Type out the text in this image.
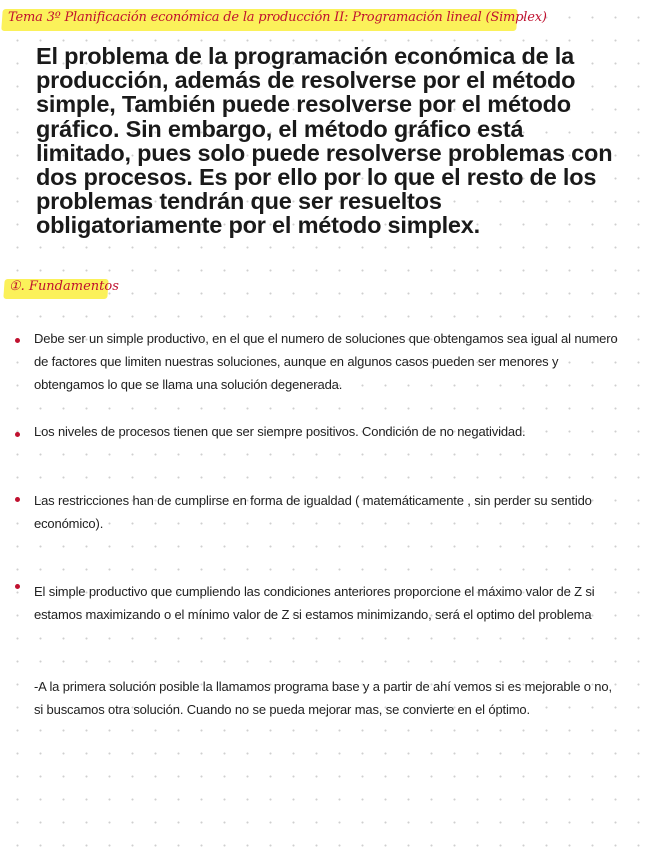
Tema 3º Planificación económica de la producción II: Programación lineal (Simplex)

El problema de la programación económica de la producción, además de resolverse por el método simple, También puede resolverse por el método gráfico. Sin embargo, el método gráfico está limitado, pues solo puede resolverse problemas con dos procesos. Es por ello por lo que el resto de los problemas tendrán que ser resueltos obligatoriamente por el método simplex.

①. Fundamentos

Debe ser un simple productivo, en el que el numero de soluciones que obtengamos sea igual al numero de factores que limiten nuestras soluciones, aunque en algunos casos pueden ser menores y obtengamos lo que se llama una solución degenerada.

Los niveles de procesos tienen que ser siempre positivos. Condición de no negatividad.

Las restricciones han de cumplirse en forma de igualdad ( matemáticamente , sin perder su sentido económico).

El simple productivo que cumpliendo las condiciones anteriores proporcione el máximo valor de Z si estamos maximizando o el mínimo valor de Z si estamos minimizando, será el optimo del problema

-A la primera solución posible la llamamos programa base y a partir de ahí vemos si es mejorable o no, si buscamos otra solución. Cuando no se pueda mejorar mas, se convierte en el óptimo.
